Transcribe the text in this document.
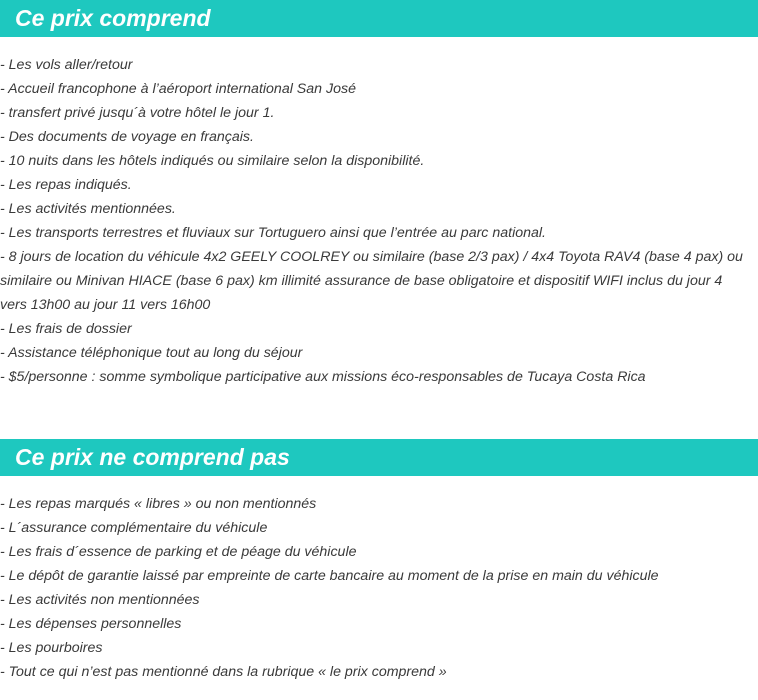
Ce prix comprend
- Les vols aller/retour
- Accueil francophone à l’aéroport international San José
- transfert privé jusqu´à votre hôtel le jour 1.
- Des documents de voyage en français.
- 10 nuits dans les hôtels indiqués ou similaire selon la disponibilité.
- Les repas indiqués.
- Les activités mentionnées.
- Les transports terrestres et fluviaux sur Tortuguero ainsi que l’entrée au parc national.
- 8 jours de location du véhicule 4x2 GEELY COOLREY ou similaire (base 2/3 pax) / 4x4 Toyota RAV4 (base 4 pax) ou similaire ou Minivan HIACE (base 6 pax) km illimité assurance de base obligatoire et dispositif WIFI inclus du jour 4 vers 13h00 au jour 11 vers 16h00
- Les frais de dossier
- Assistance téléphonique tout au long du séjour
- $5/personne : somme symbolique participative aux missions éco-responsables de Tucaya Costa Rica
Ce prix ne comprend pas
- Les repas marqués « libres » ou non mentionnés
- L´assurance complémentaire du véhicule
- Les frais d´essence de parking et de péage du véhicule
- Le dépôt de garantie laissé par empreinte de carte bancaire au moment de la prise en main du véhicule
- Les activités non mentionnées
- Les dépenses personnelles
- Les pourboires
- Tout ce qui n’est pas mentionné dans la rubrique « le prix comprend »
